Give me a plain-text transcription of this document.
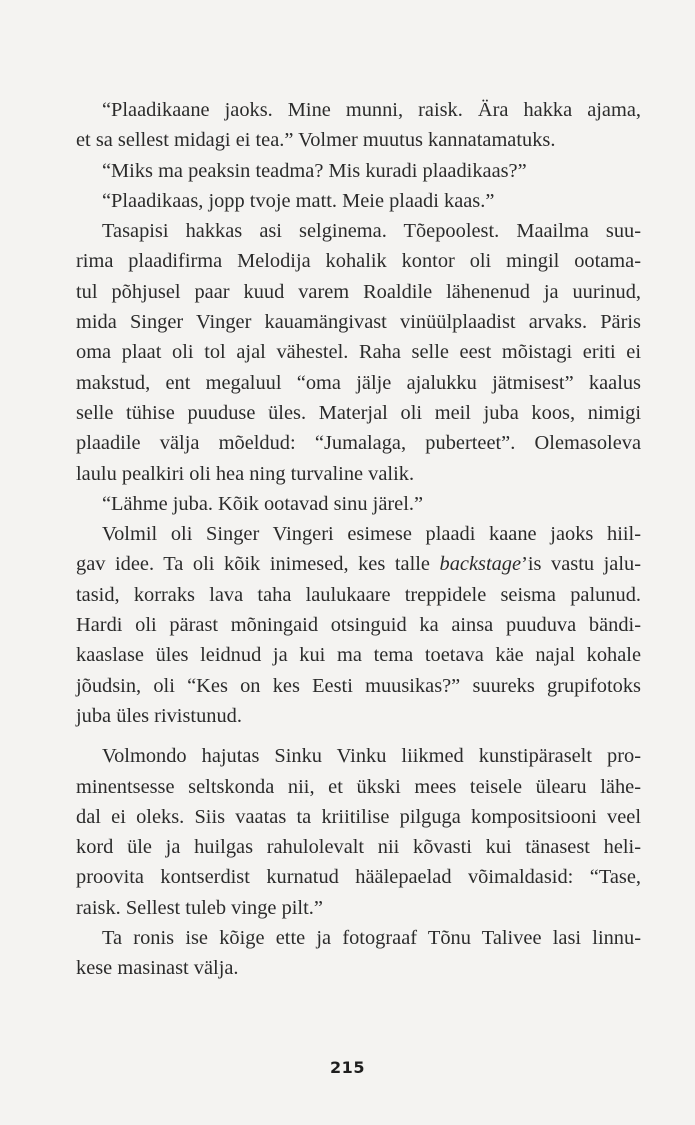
“Plaadikaane jaoks. Mine munni, raisk. Ära hakka ajama,
et sa sellest midagi ei tea.” Volmer muutus kannatamatuks.

“Miks ma peaksin teadma? Mis kuradi plaadikaas?”

“Plaadikaas, jopp tvoje matt. Meie plaadi kaas.”

Tasapisi hakkas asi selginema. Tõepoolest. Maailma suu-
rima plaadifirma Melodija kohalik kontor oli mingil ootama-
tul põhjusel paar kuud varem Roaldile lähenenud ja uurinud,
mida Singer Vinger kauamängivast vinüülplaadist arvaks. Päris
oma plaat oli tol ajal vähestel. Raha selle eest mõistagi eriti ei
makstud, ent megaluul “oma jälje ajalukku jätmisest” kaalus
selle tühise puuduse üles. Materjal oli meil juba koos, nimigi
plaadile välja mõeldud: “Jumalaga, puberteet”. Olemasoleva
laulu pealkiri oli hea ning turvaline valik.

“Lähme juba. Kõik ootavad sinu järel.”

Volmil oli Singer Vingeri esimese plaadi kaane jaoks hiil-
gav idee. Ta oli kõik inimesed, kes talle backstage’is vastu jalu-
tasid, korraks lava taha laulukaare treppidele seisma palunud.
Hardi oli pärast mõningaid otsinguid ka ainsa puuduva bändi-
kaaslase üles leidnud ja kui ma tema toetava käe najal kohale
jõudsin, oli “Kes on kes Eesti muusikas?” suureks grupifotoks
juba üles rivistunud.

Volmondo hajutas Sinku Vinku liikmed kunstipäraselt pro-
minentsesse seltskonda nii, et ükski mees teisele ülearu lähe-
dal ei oleks. Siis vaatas ta kriitilise pilguga kompositsiooni veel
kord üle ja huilgas rahulolevalt nii kõvasti kui tänasest heli-
proovita kontserdist kurnatud häälepaelad võimaldasid: “Tase,
raisk. Sellest tuleb vinge pilt.”

Ta ronis ise kõige ette ja fotograaf Tõnu Talivee lasi linnu-
kese masinast välja.

215
